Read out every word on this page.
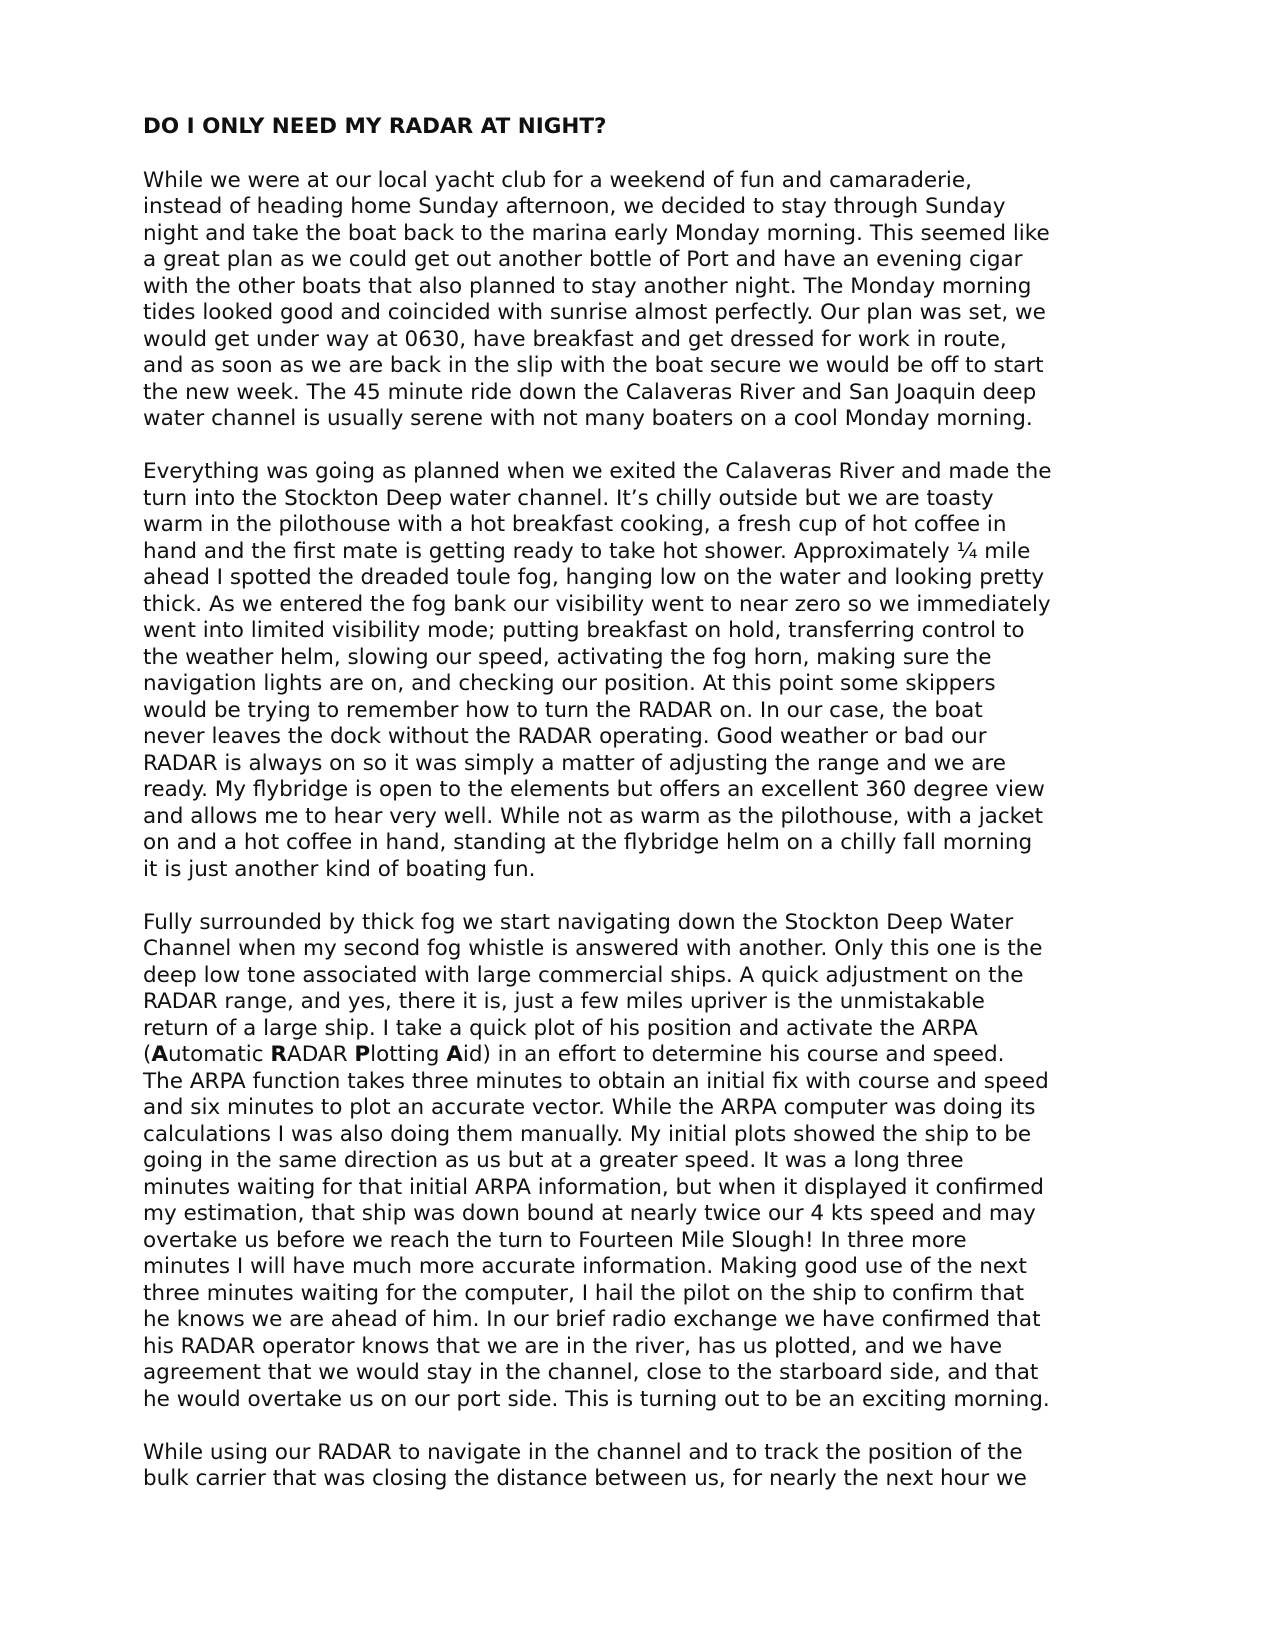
DO I ONLY NEED MY RADAR AT NIGHT?
While we were at our local yacht club for a weekend of fun and camaraderie,
instead of heading home Sunday afternoon, we decided to stay through Sunday
night and take the boat back to the marina early Monday morning. This seemed like
a great plan as we could get out another bottle of Port and have an evening cigar
with the other boats that also planned to stay another night. The Monday morning
tides looked good and coincided with sunrise almost perfectly. Our plan was set, we
would get under way at 0630, have breakfast and get dressed for work in route,
and as soon as we are back in the slip with the boat secure we would be off to start
the new week. The 45 minute ride down the Calaveras River and San Joaquin deep
water channel is usually serene with not many boaters on a cool Monday morning.
Everything was going as planned when we exited the Calaveras River and made the
turn into the Stockton Deep water channel. It’s chilly outside but we are toasty
warm in the pilothouse with a hot breakfast cooking, a fresh cup of hot coffee in
hand and the first mate is getting ready to take hot shower. Approximately ¼ mile
ahead I spotted the dreaded toule fog, hanging low on the water and looking pretty
thick. As we entered the fog bank our visibility went to near zero so we immediately
went into limited visibility mode; putting breakfast on hold, transferring control to
the weather helm, slowing our speed, activating the fog horn, making sure the
navigation lights are on, and checking our position. At this point some skippers
would be trying to remember how to turn the RADAR on. In our case, the boat
never leaves the dock without the RADAR operating. Good weather or bad our
RADAR is always on so it was simply a matter of adjusting the range and we are
ready. My flybridge is open to the elements but offers an excellent 360 degree view
and allows me to hear very well. While not as warm as the pilothouse, with a jacket
on and a hot coffee in hand, standing at the flybridge helm on a chilly fall morning
it is just another kind of boating fun.
Fully surrounded by thick fog we start navigating down the Stockton Deep Water
Channel when my second fog whistle is answered with another. Only this one is the
deep low tone associated with large commercial ships. A quick adjustment on the
RADAR range, and yes, there it is, just a few miles upriver is the unmistakable
return of a large ship. I take a quick plot of his position and activate the ARPA
(Automatic RADAR Plotting Aid) in an effort to determine his course and speed.
The ARPA function takes three minutes to obtain an initial fix with course and speed
and six minutes to plot an accurate vector. While the ARPA computer was doing its
calculations I was also doing them manually. My initial plots showed the ship to be
going in the same direction as us but at a greater speed. It was a long three
minutes waiting for that initial ARPA information, but when it displayed it confirmed
my estimation, that ship was down bound at nearly twice our 4 kts speed and may
overtake us before we reach the turn to Fourteen Mile Slough! In three more
minutes I will have much more accurate information. Making good use of the next
three minutes waiting for the computer, I hail the pilot on the ship to confirm that
he knows we are ahead of him. In our brief radio exchange we have confirmed that
his RADAR operator knows that we are in the river, has us plotted, and we have
agreement that we would stay in the channel, close to the starboard side, and that
he would overtake us on our port side. This is turning out to be an exciting morning.
While using our RADAR to navigate in the channel and to track the position of the
bulk carrier that was closing the distance between us, for nearly the next hour we
